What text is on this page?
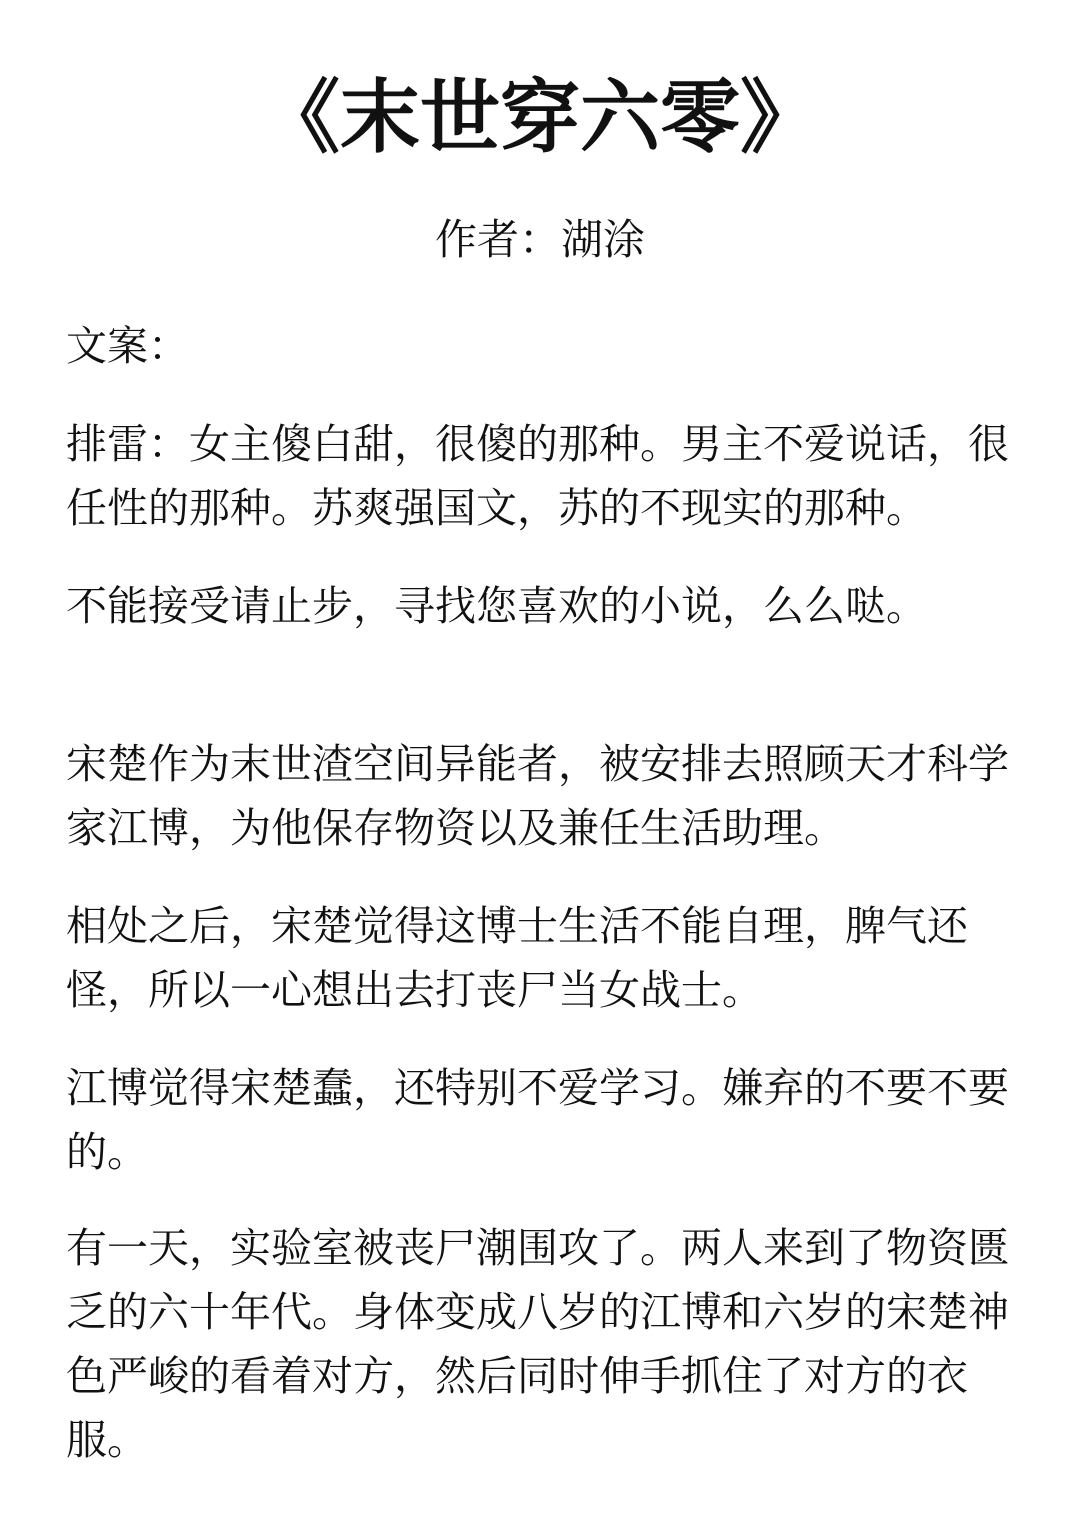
《末世穿六零》

作者：湖涂

文案：

排雷：女主傻白甜，很傻的那种。男主不爱说话，很任性的那种。苏爽强国文，苏的不现实的那种。

不能接受请止步，寻找您喜欢的小说，么么哒。

宋楚作为末世渣空间异能者，被安排去照顾天才科学家江博，为他保存物资以及兼任生活助理。

相处之后，宋楚觉得这博士生活不能自理，脾气还怪，所以一心想出去打丧尸当女战士。

江博觉得宋楚蠢，还特别不爱学习。嫌弃的不要不要的。

有一天，实验室被丧尸潮围攻了。两人来到了物资匮乏的六十年代。身体变成八岁的江博和六岁的宋楚神色严峻的看着对方，然后同时伸手抓住了对方的衣服。
